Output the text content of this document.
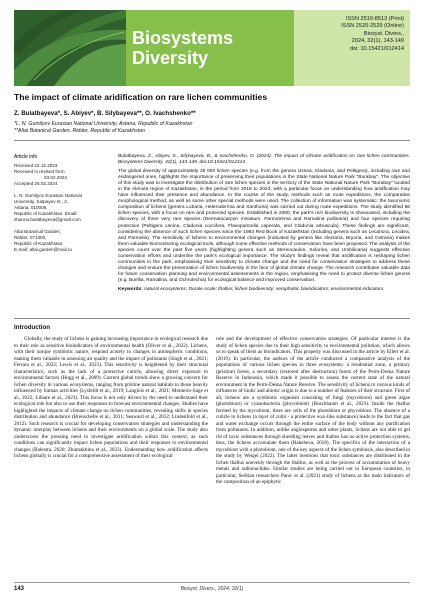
Biosystems
Diversity
ISSN 2519-8513 (Print)
ISSN 2520-2529 (Online)
Biosyst. Divers.,
2024, 32(1), 143-149
doi: 10.15421/012414
The impact of climate aridification on rare lichen communities
Z. Bulatbayeva*, S. Abiyev*, B. Silybayeva**, O. Ivachshenko**
*L. N. Gumilyov Eurasian National University, Astana, Republic of Kazakhstan
**Altai Botanical Garden, Ridder, Republic of Kazakhstan
Article info
Received 22.12.2023
Received in revised form
03.02.2024
Accepted 26.02.2024
L. N. Gumilyov Eurasian National
University, Satpayev st., 2,
Astana, 010008,
Republic of Kazakhstan. Email:
zhanna.bulatbayeva@gmail.com
Altai Botanical Garden,
Ridder, 071300,
Republic of Kazakhstan.
E-mail: altai.garden@mail.ru

Bulatbayeva, Z., Abiyev, S., Silybayeva, B., & Ivachshenko, O. (2024). The impact of climate aridification on rare lichen communities. Biosystems Diversity, 32(1), 143-149. doi:10.15421/012414

The global diversity of approximately 25 000 lichen species (e.g. from the genera Usnea, Cladonia, and Peltigera), including rare and endangered ones, highlights the importance of preserving their populations in the State National Nature Park "Burabay". The objective of this study was to investigate the distribution of rare lichen species in the territory of the State National Nature Park "Burabay" located in the Akmola region of Kazakhstan, in the period from 2018 to 2023, with a particular focus on understanding how aridification may have influenced their presence and abundance. In the course of the study, methods such as route expeditions, the comparative morphological method, as well as some other special methods were used. The collection of information was systematic: the taxonomic composition of lichens (genera Lobaria, Heterodermia and Xanthoria) was carried out during route expeditions. The study identified 56 lichen species, with a focus on rare and protected species. Established in 2000, the park's rich biodiversity is showcased, including the discovery of three very rare species (Dermatocarpon miniatum, Parmotrema and Ramalina pollinaria) and four species requiring protection (Peltigera canina, Cladonia coccifera, Flavoparmelia caperata, and Cladonia arbuscula). These findings are significant, considering the absence of such lichen species since the 1983 Red Book of Kazakhstan (including genera such as Lecanora, Lecidea, and Parmelia). The sensitivity of lichens to environmental changes (indicated by genera like Alectoria, Bryoria, and Cetraria) makes them valuable biomonitoring ecological tools, although some effective methods of conservation have been proposed. The analysis of the species count over the past five years (highlighting genera such as Stereocaulon, Solorina, and Umbilicaria) suggests effective conservation efforts and underline the park's ecological importance. The study's findings reveal that aridification is reshaping lichen communities in the park, emphasising their sensitivity to climate change and the need for conservation strategies to address these changes and ensure the preservation of lichen biodiversity in the face of global climate change. The research contributes valuable data for future conservation planning and environmental assessments in the region, emphasising the need to protect diverse lichen genera (e.g. Buellia, Ramalina, and Ochrolechia) for ecological balance and improved conservation.

Keywords: natural ecosystems; Durale scale; thallus; lichen biodiversity; xerophobic bioindicators; environmental indicators.

Introduction

Globally, the study of lichens is gaining increasing importance in ecological research due to their role as sensitive bioindicators of environmental health (Oliver et al., 2022). Lichens, with their unique symbiotic nature, respond acutely to changes in atmospheric conditions, making them valuable in assessing air quality and the impact of pollutants (Singh et al., 2021; Ferrara et al., 2022; Lewis et al., 2023). This sensitivity is heightened by their structural characteristics, such as the lack of a protective cuticle, allowing direct exposure to environmental factors (Hogg et al., 2009). Current global trends show a growing concern for lichen diversity in various ecosystems, ranging from pristine natural habitats to those heavily influenced by human activities (Lysfeldt et al., 2019; Langlois et al., 2021; Monteiro-Sage et al., 2022; Lilhare et al., 2023). This focus is not only driven by the need to understand their ecological role but also to use their responses to forecast environmental changes. Studies have highlighted the impacts of climate change on lichen communities, revealing shifts in species distribution and abundance (Breuschelle et al., 2011; Seaward et al., 2012; Lindenfold et al., 2012). Such research is crucial for developing conservation strategies and understanding the dynamic interplay between lichens and their environments on a global scale. The study also underscores the pressing need to investigate aridification within this context, as such conditions can significantly impact lichen populations and their responses to environmental changes (Balestra, 2020; Zhumakhina et al., 2023). Understanding how aridification affects lichens globally is crucial for a comprehensive assessment of their ecological

role and the development of effective conservation strategies. Of particular interest is the study of lichen species due to their high sensitivity to environmental pollution, which allows us to speak of them as bioindicators. This property was discussed in the article by Ellert et al. (2019). In particular, the authors of the article conducted a comparative analysis of the populations of various lichen species in three ecosystems: a residential zone, a primary (pristine) forest, a secondary (restored after destruction) forest of the Perm-Desna Nature Reserve in Indonesia, which made it possible to assess the current state of the natural environment in the Perm-Desna Nature Reserve. The sensitivity of lichens to various kinds of influences of biotic and abiotic origin is due to a number of features of their structure. First of all, lichens are a symbiotic organism consisting of fungi (mycobiont) and green algae (photobiont) or cyanobacteria (phycobiont) (Buschbaum et al., 2023). Inside the thallus formed by the mycobiont, there are cells of the photobiont or phycobiont. The absence of a cuticle in lichens (a layer of cutin - a protective wax-like substance) leads to the fact that gas and water exchange occurs through the entire surface of the body without any purification from pollutants. In addition, unlike angiosperms and other plants, lichens are not able to get rid of toxic substances through shedding leaves and thallus has no active protection systems, thus, the lichens accumulate them (Bakeheva, 2018). The specifics of the interaction of a mycobiont with a photobiont, one of the key aspects of the lichen symbiosis, also described in the study by Weigel (2022). The latter mentions that toxic substances are distributed in the lichen thallus unevenly through the thallus, as well as the process of accumulation of heavy metals and radionuclides. Similar studies are being carried out in European countries, in particular, Serbian researchers Panic et al. (2021) study of lichens as the main indicators of the composition of an epiphytic

143	Biosyst. Divers., 2024, 32(1)
